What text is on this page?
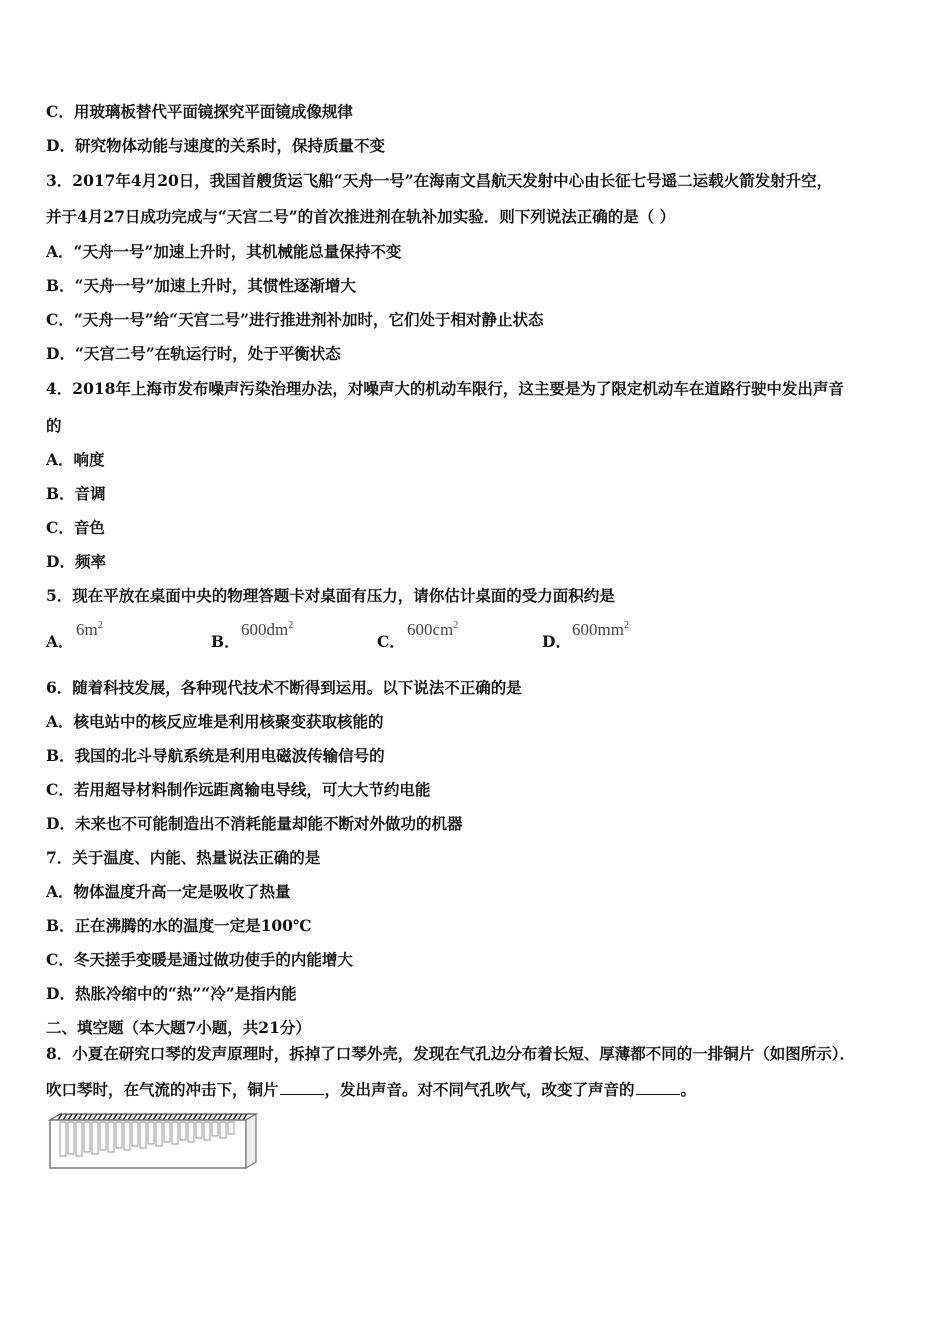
C．用玻璃板替代平面镜探究平面镜成像规律
D．研究物体动能与速度的关系时，保持质量不变
3．2017年4月20日，我国首艘货运飞船“天舟一号”在海南文昌航天发射中心由长征七号遥二运载火箭发射升空，
并于4月27日成功完成与“天宫二号”的首次推进剂在轨补加实验．则下列说法正确的是（ ）
A．“天舟一号”加速上升时，其机械能总量保持不变
B．“天舟一号”加速上升时，其惯性逐渐增大
C．“天舟一号”给“天宫二号”进行推进剂补加时，它们处于相对静止状态
D．“天宫二号”在轨运行时，处于平衡状态
4．2018年上海市发布噪声污染治理办法，对噪声大的机动车限行，这主要是为了限定机动车在道路行驶中发出声音
的
A．响度
B．音调
C．音色
D．频率
5．现在平放在桌面中央的物理答题卡对桌面有压力，请你估计桌面的受力面积约是
A．
$6m^2$
B．
$600dm^2$
C．
$600cm^2$
D．
$600mm^2$
6．随着科技发展，各种现代技术不断得到运用。以下说法不正确的是
A．核电站中的核反应堆是利用核聚变获取核能的
B．我国的北斗导航系统是利用电磁波传输信号的
C．若用超导材料制作远距离输电导线，可大大节约电能
D．未来也不可能制造出不消耗能量却能不断对外做功的机器
7．关于温度、内能、热量说法正确的是
A．物体温度升高一定是吸收了热量
B．正在沸腾的水的温度一定是100℃
C．冬天搓手变暖是通过做功使手的内能增大
D．热胀冷缩中的“热”“冷”是指内能
二、填空题（本大题7小题，共21分）
8．小夏在研究口琴的发声原理时，拆掉了口琴外壳，发现在气孔边分布着长短、厚薄都不同的一排铜片（如图所示）．
吹口琴时，在气流的冲击下，铜片	，发出声音。对不同气孔吹气，改变了声音的	。
